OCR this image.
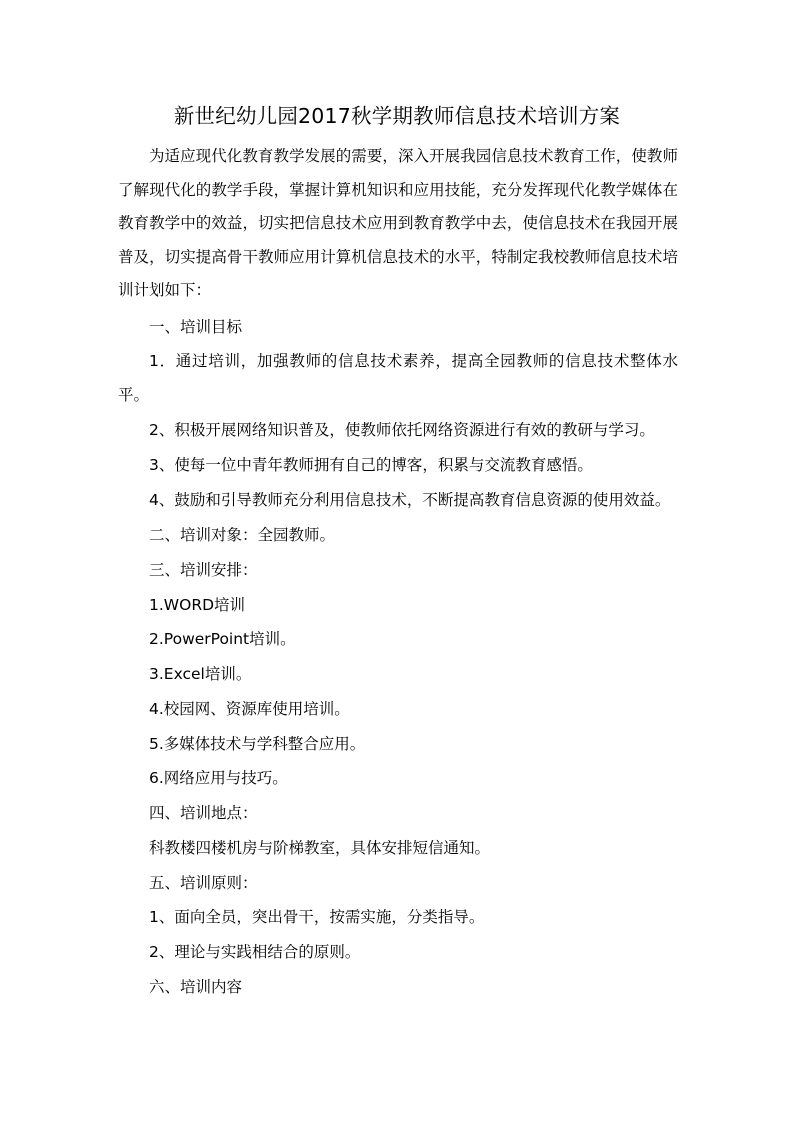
新世纪幼儿园2017秋学期教师信息技术培训方案

为适应现代化教育教学发展的需要，深入开展我园信息技术教育工作，使教师了解现代化的教学手段，掌握计算机知识和应用技能，充分发挥现代化教学媒体在教育教学中的效益，切实把信息技术应用到教育教学中去，使信息技术在我园开展普及，切实提高骨干教师应用计算机信息技术的水平，特制定我校教师信息技术培训计划如下：

一、培训目标

1．通过培训，加强教师的信息技术素养，提高全园教师的信息技术整体水平。

2、积极开展网络知识普及，使教师依托网络资源进行有效的教研与学习。

3、使每一位中青年教师拥有自己的博客，积累与交流教育感悟。

4、鼓励和引导教师充分利用信息技术，不断提高教育信息资源的使用效益。

二、培训对象：全园教师。

三、培训安排：

1.WORD培训

2.PowerPoint培训。

3.Excel培训。

4.校园网、资源库使用培训。

5.多媒体技术与学科整合应用。

6.网络应用与技巧。

四、培训地点：

科教楼四楼机房与阶梯教室，具体安排短信通知。

五、培训原则：

1、面向全员，突出骨干，按需实施，分类指导。

2、理论与实践相结合的原则。

六、培训内容
